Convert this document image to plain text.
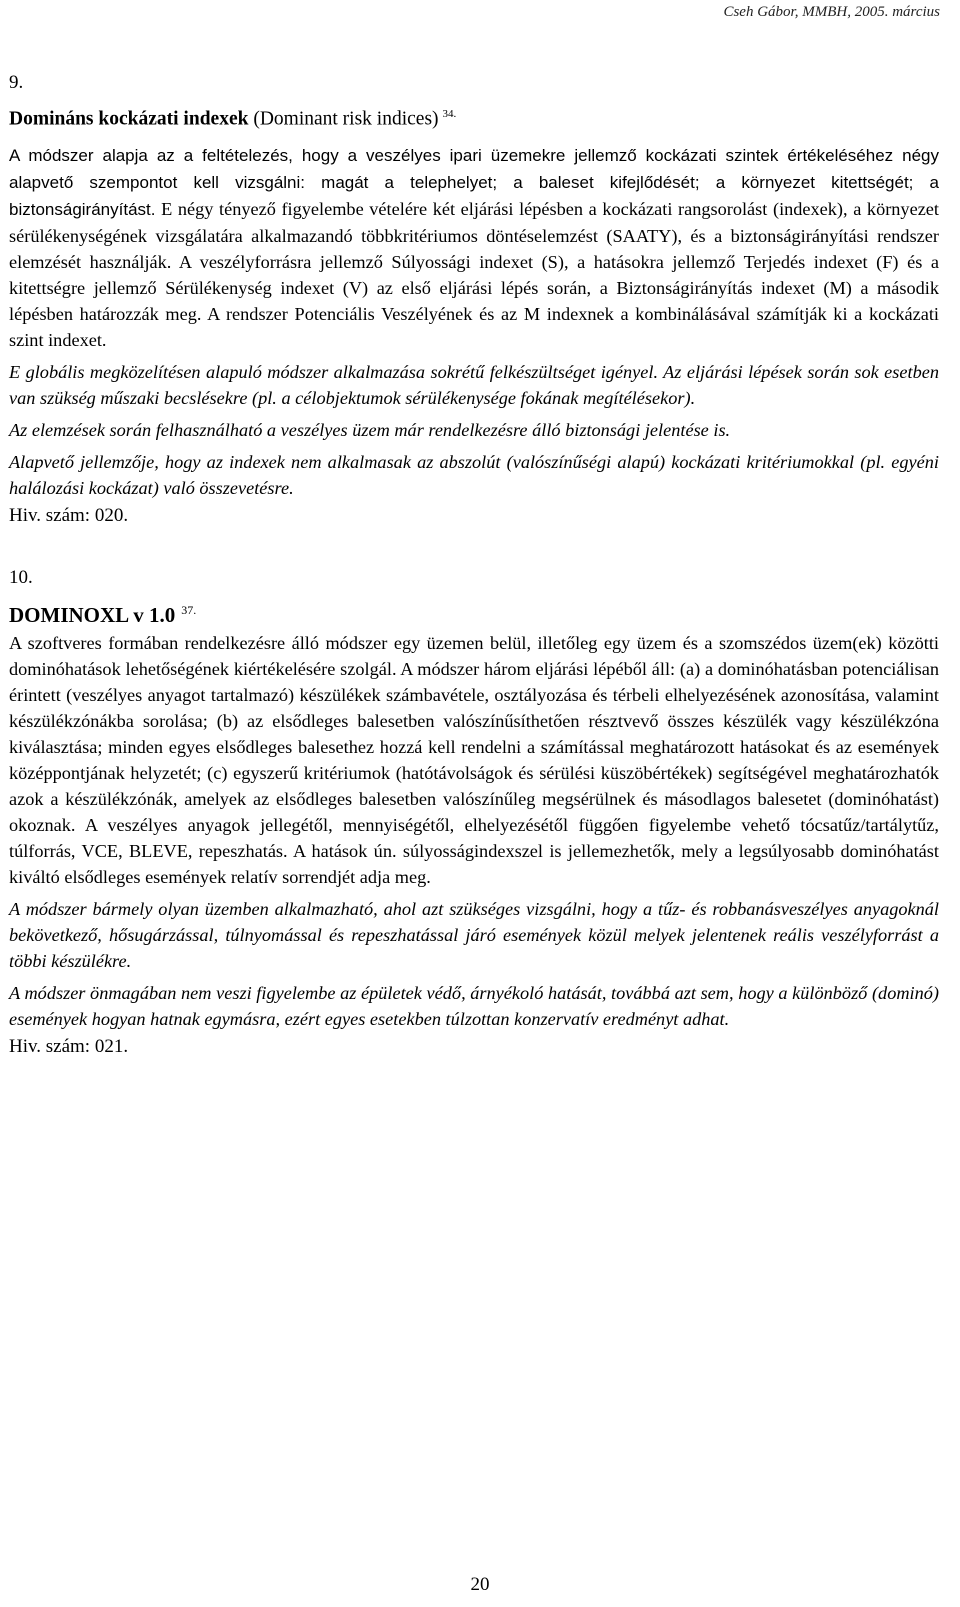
Cseh Gábor, MMBH, 2005. március
9.
Domináns kockázati indexek (Dominant risk indices) $^{34.}$

A módszer alapja az a feltételezés, hogy a veszélyes ipari üzemekre jellemző kockázati szintek értékeléséhez négy alapvető szempontot kell vizsgálni: magát a telephelyet; a baleset kifejlődését; a környezet kitettségét; a biztonságirányítást. E négy tényező figyelembe vételére két eljárási lépésben a kockázati rangsorolást (indexek), a környezet sérülékenységének vizsgálatára alkalmazandó többkritériumos döntéselemzést (SAATY), és a biztonságirányítási rendszer elemzését használják. A veszélyforrásra jellemző Súlyossági indexet (S), a hatásokra jellemző Terjedés indexet (F) és a kitettségre jellemző Sérülékenység indexet (V) az első eljárási lépés során, a Biztonságirányítás indexet (M) a második lépésben határozzák meg. A rendszer Potenciális Veszélyének és az M indexnek a kombinálásával számítják ki a kockázati szint indexet.

E globális megközelítésen alapuló módszer alkalmazása sokrétű felkészültséget igényel. Az eljárási lépések során sok esetben van szükség műszaki becslésekre (pl. a célobjektumok sérülékenysége fokának megítélésekor).

Az elemzések során felhasználható a veszélyes üzem már rendelkezésre álló biztonsági jelentése is.

Alapvető jellemzője, hogy az indexek nem alkalmasak az abszolút (valószínűségi alapú) kockázati kritériumokkal (pl. egyéni halálozási kockázat) való összevetésre.

Hiv. szám: 020.
10.
DOMINOXL v 1.0 $^{37.}$

A szoftveres formában rendelkezésre álló módszer egy üzemen belül, illetőleg egy üzem és a szomszédos üzem(ek) közötti dominóhatások lehetőségének kiértékelésére szolgál. A módszer három eljárási lépéből áll: (a) a dominóhatásban potenciálisan érintett (veszélyes anyagot tartalmazó) készülékek számbavétele, osztályozása és térbeli elhelyezésének azonosítása, valamint készülékzónákba sorolása; (b) az elsődleges balesetben valószínűsíthetően résztvevő összes készülék vagy készülékzóna kiválasztása; minden egyes elsődleges balesethez hozzá kell rendelni a számítással meghatározott hatásokat és az események középpontjának helyzetét; (c) egyszerű kritériumok (hatótávolságok és sérülési küszöbértékek) segítségével meghatározhatók azok a készülékzónák, amelyek az elsődleges balesetben valószínűleg megsérülnek és másodlagos balesetet (dominóhatást) okoznak. A veszélyes anyagok jellegétől, mennyiségétől, elhelyezésétől függően figyelembe vehető tócsatűz/tartálytűz, túlforrás, VCE, BLEVE, repeszhatás. A hatások ún. súlyosságindexszel is jellemezhetők, mely a legsúlyosabb dominóhatást kiváltó elsődleges események relatív sorrendjét adja meg.

A módszer bármely olyan üzemben alkalmazható, ahol azt szükséges vizsgálni, hogy a tűz- és robbanásveszélyes anyagoknál bekövetkező, hősugárzással, túlnyomással és repeszhatással járó események közül melyek jelentenek reális veszélyforrást a többi készülékre.

A módszer önmagában nem veszi figyelembe az épületek védő, árnyékoló hatását, továbbá azt sem, hogy a különböző (dominó) események hogyan hatnak egymásra, ezért egyes esetekben túlzottan konzervatív eredményt adhat.

Hiv. szám: 021.
20
